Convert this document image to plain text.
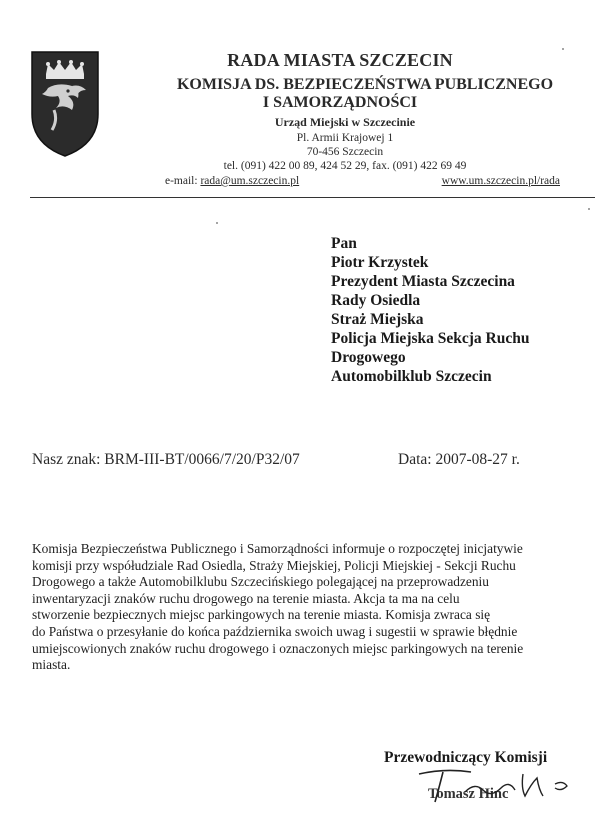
RADA MIASTA SZCZECIN
KOMISJA DS. BEZPIECZEŃSTWA PUBLICZNEGO
I SAMORZĄDNOŚCI
Urząd Miejski w Szczecinie
Pl. Armii Krajowej 1
70-456 Szczecin
tel. (091) 422 00 89, 424 52 29, fax. (091) 422 69 49
e-mail: rada@um.szczecin.pl	www.um.szczecin.pl/rada
Pan
Piotr Krzystek
Prezydent Miasta Szczecina
Rady Osiedla
Straż Miejska
Policja Miejska Sekcja Ruchu
Drogowego
Automobilklub Szczecin
Nasz znak: BRM-III-BT/0066/7/20/P32/07	Data: 2007-08-27 r.
Komisja Bezpieczeństwa Publicznego i Samorządności informuje o rozpoczętej inicjatywie
komisji przy współudziale Rad Osiedla, Straży Miejskiej, Policji Miejskiej - Sekcji Ruchu
Drogowego a także Automobilklubu Szczecińskiego polegającej na przeprowadzeniu
inwentaryzacji znaków ruchu drogowego na terenie miasta. Akcja ta ma na celu
stworzenie bezpiecznych miejsc parkingowych na terenie miasta. Komisja zwraca się
do Państwa o przesyłanie do końca października swoich uwag i sugestii w sprawie błędnie
umiejscowionych znaków ruchu drogowego i oznaczonych miejsc parkingowych na terenie
miasta.
Przewodniczący Komisji
Tomasz Hinc
